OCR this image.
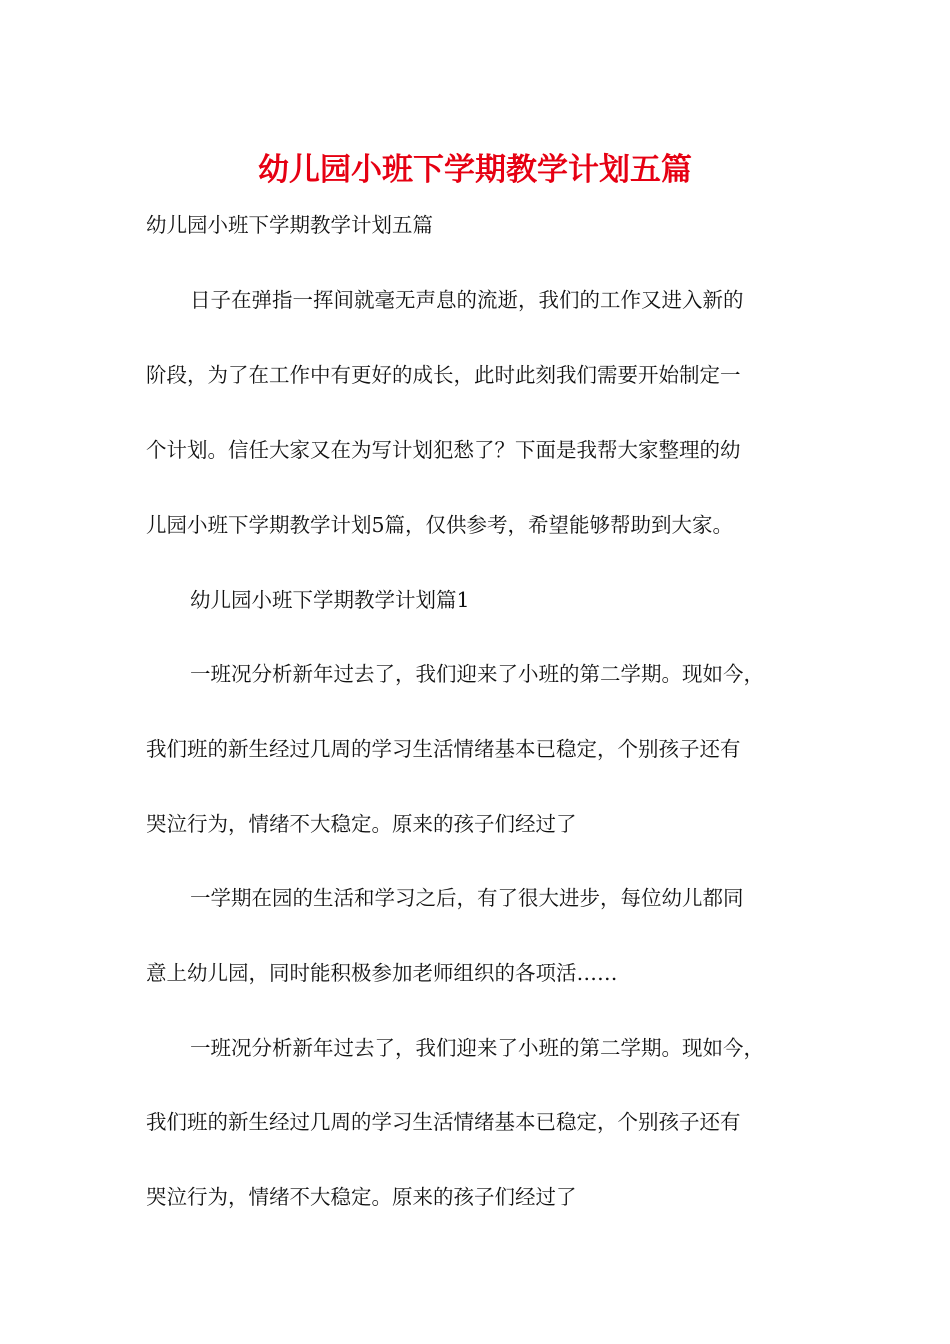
幼儿园小班下学期教学计划五篇
幼儿园小班下学期教学计划五篇
日子在弹指一挥间就毫无声息的流逝，我们的工作又进入新的
阶段，为了在工作中有更好的成长，此时此刻我们需要开始制定一
个计划。信任大家又在为写计划犯愁了？下面是我帮大家整理的幼
儿园小班下学期教学计划5篇，仅供参考，希望能够帮助到大家。
幼儿园小班下学期教学计划篇1
一班况分析新年过去了，我们迎来了小班的第二学期。现如今，
我们班的新生经过几周的学习生活情绪基本已稳定，个别孩子还有
哭泣行为，情绪不大稳定。原来的孩子们经过了
一学期在园的生活和学习之后，有了很大进步，每位幼儿都同
意上幼儿园，同时能积极参加老师组织的各项活……
一班况分析新年过去了，我们迎来了小班的第二学期。现如今，
我们班的新生经过几周的学习生活情绪基本已稳定，个别孩子还有
哭泣行为，情绪不大稳定。原来的孩子们经过了
